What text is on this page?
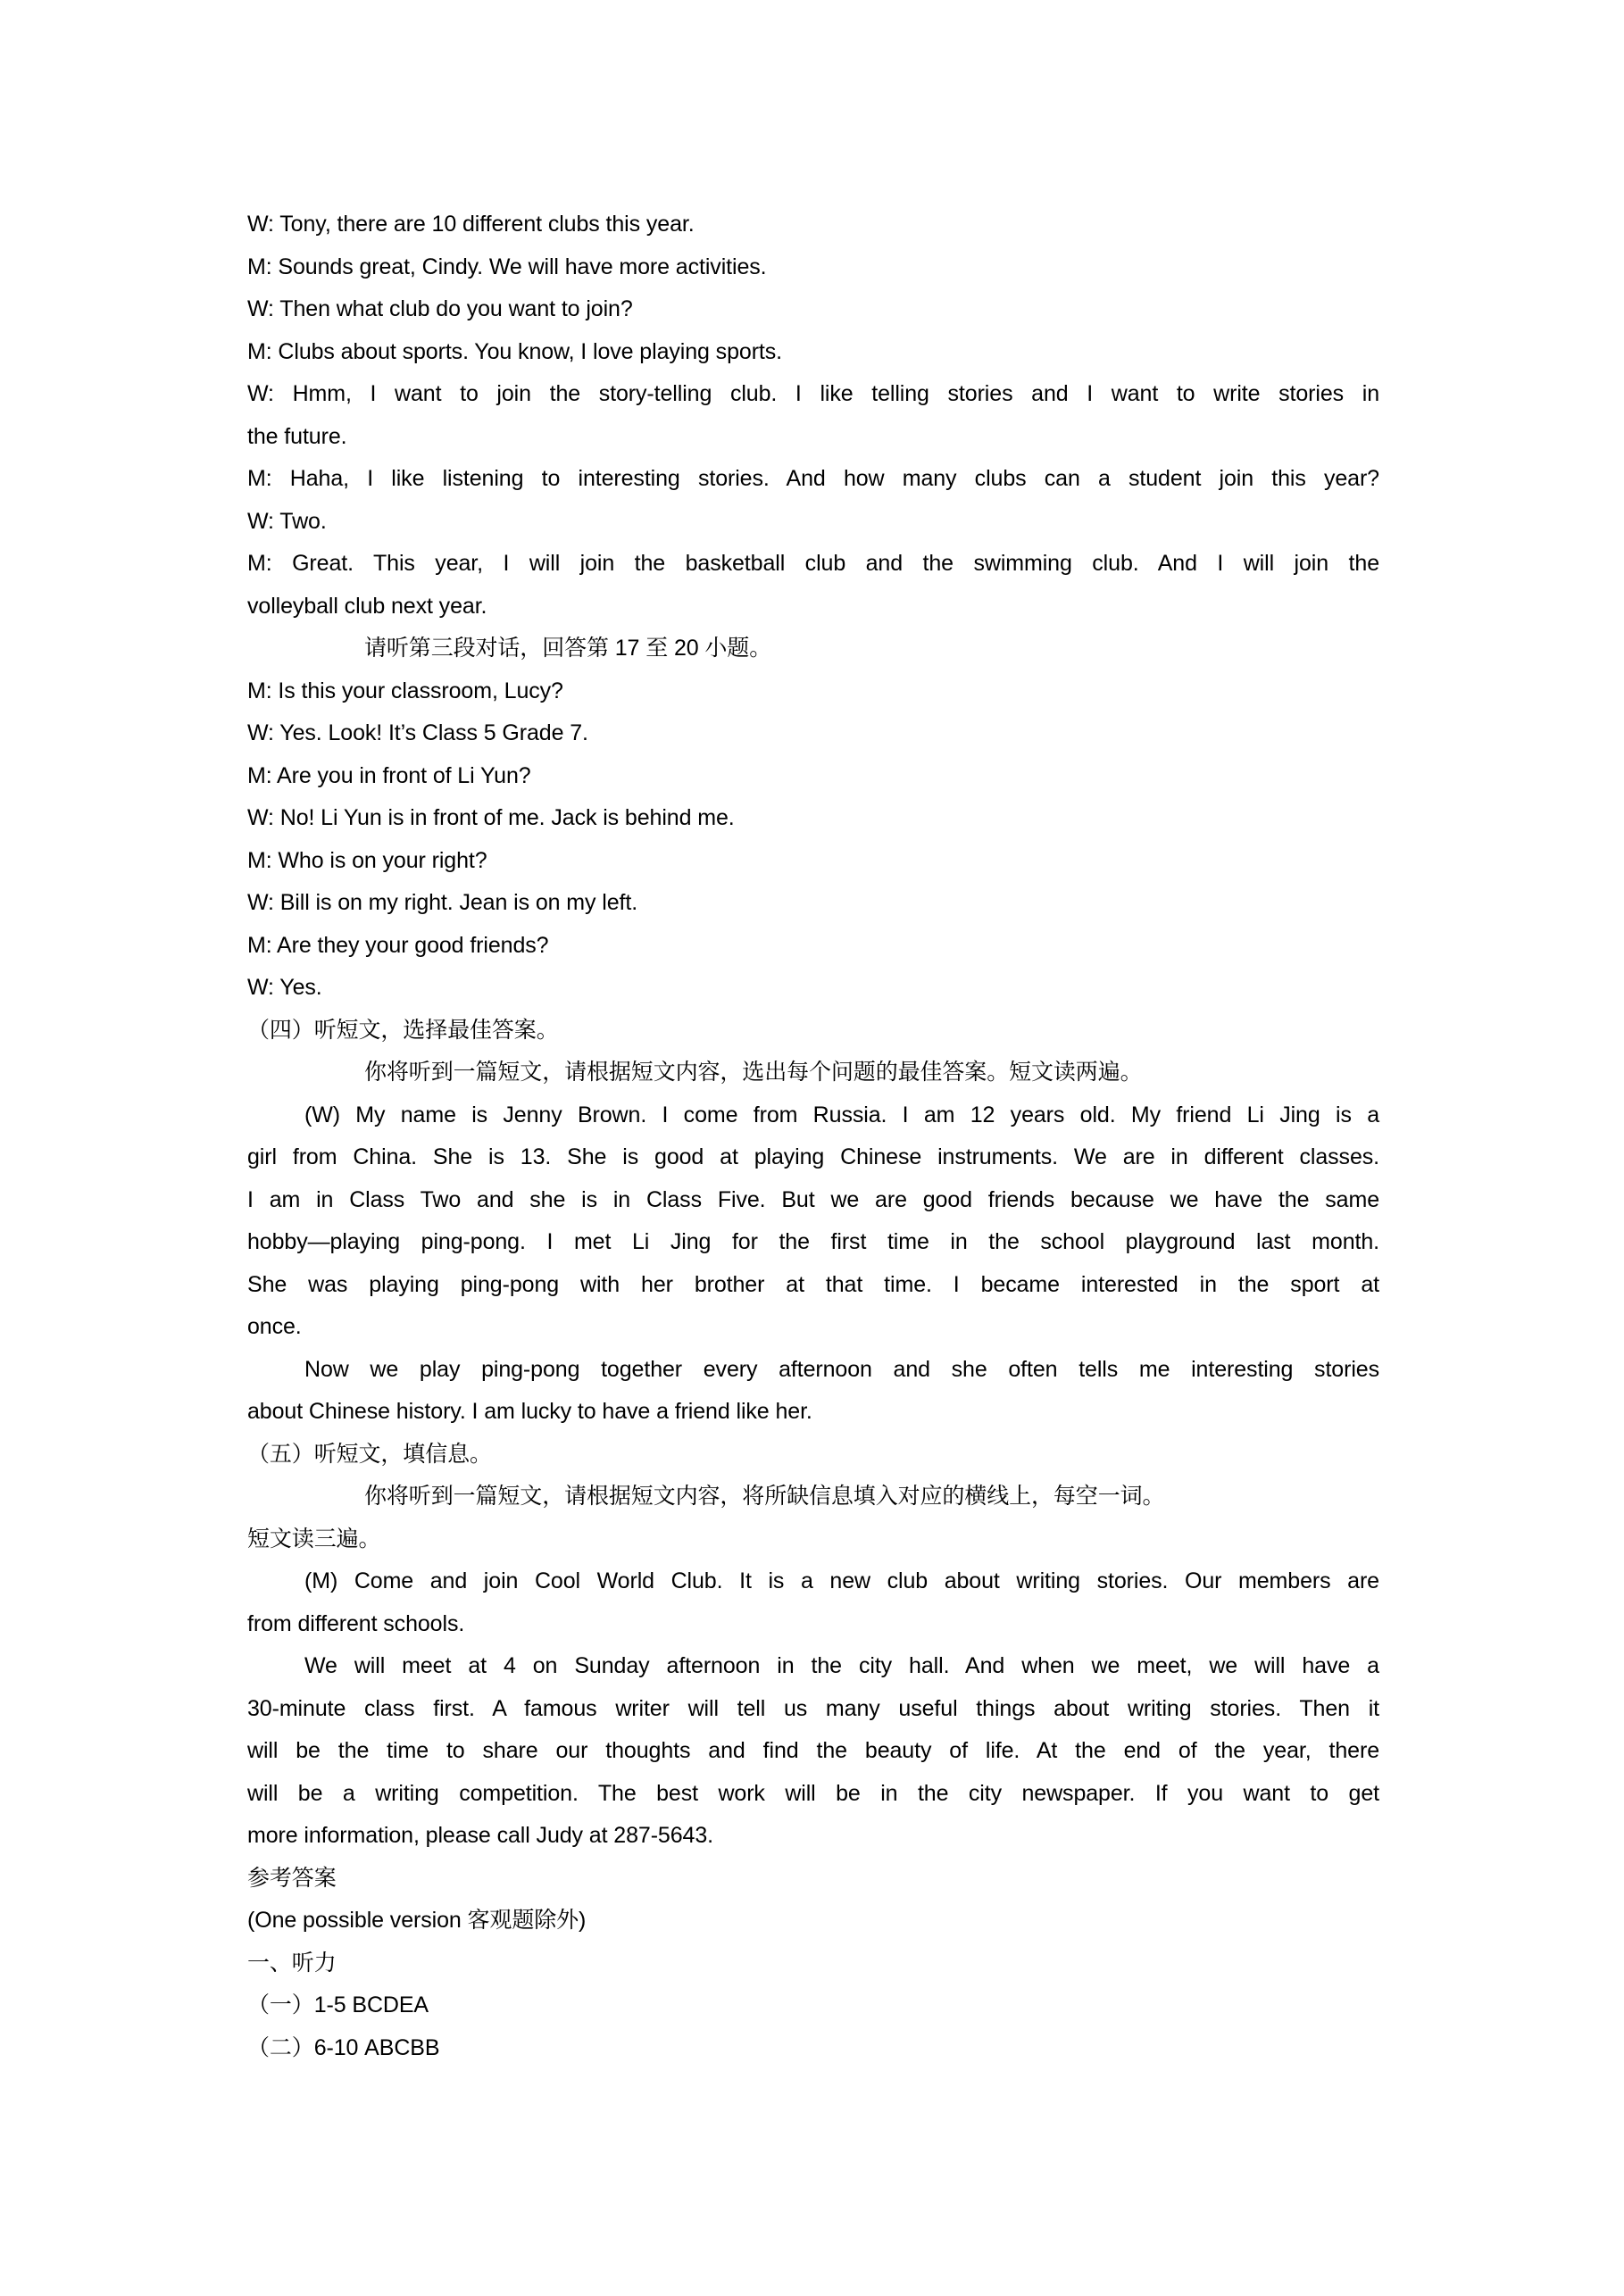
W: Tony, there are 10 different clubs this year.
M: Sounds great, Cindy. We will have more activities.
W: Then what club do you want to join?
M: Clubs about sports. You know, I love playing sports.
W: Hmm, I want to join the story-telling club. I like telling stories and I want to write stories in
the future.
M: Haha, I like listening to interesting stories. And how many clubs can a student join this year?
W: Two.
M: Great. This year, I will join the basketball club and the swimming club. And I will join the
volleyball club next year.
请听第三段对话，回答第 17 至 20 小题。
M: Is this your classroom, Lucy?
W: Yes. Look! It’s Class 5 Grade 7.
M: Are you in front of Li Yun?
W: No! Li Yun is in front of me. Jack is behind me.
M: Who is on your right?
W: Bill is on my right. Jean is on my left.
M: Are they your good friends?
W: Yes.
（四）听短文，选择最佳答案。
你将听到一篇短文，请根据短文内容，选出每个问题的最佳答案。短文读两遍。
(W) My name is Jenny Brown. I come from Russia. I am 12 years old. My friend Li Jing is a
girl from China. She is 13. She is good at playing Chinese instruments. We are in different classes.
I am in Class Two and she is in Class Five. But we are good friends because we have the same
hobby—playing ping-pong. I met Li Jing for the first time in the school playground last month.
She was playing ping-pong with her brother at that time. I became interested in the sport at
once.
Now we play ping-pong together every afternoon and she often tells me interesting stories
about Chinese history. I am lucky to have a friend like her.
（五）听短文，填信息。
你将听到一篇短文，请根据短文内容，将所缺信息填入对应的横线上，每空一词。
短文读三遍。
(M) Come and join Cool World Club. It is a new club about writing stories. Our members are
from different schools.
We will meet at 4 on Sunday afternoon in the city hall. And when we meet, we will have a
30-minute class first. A famous writer will tell us many useful things about writing stories. Then it
will be the time to share our thoughts and find the beauty of life. At the end of the year, there
will be a writing competition. The best work will be in the city newspaper. If you want to get
more information, please call Judy at 287-5643.
参考答案
(One possible version 客观题除外)
一、听力
（一）1-5 BCDEA
（二）6-10 ABCBB
